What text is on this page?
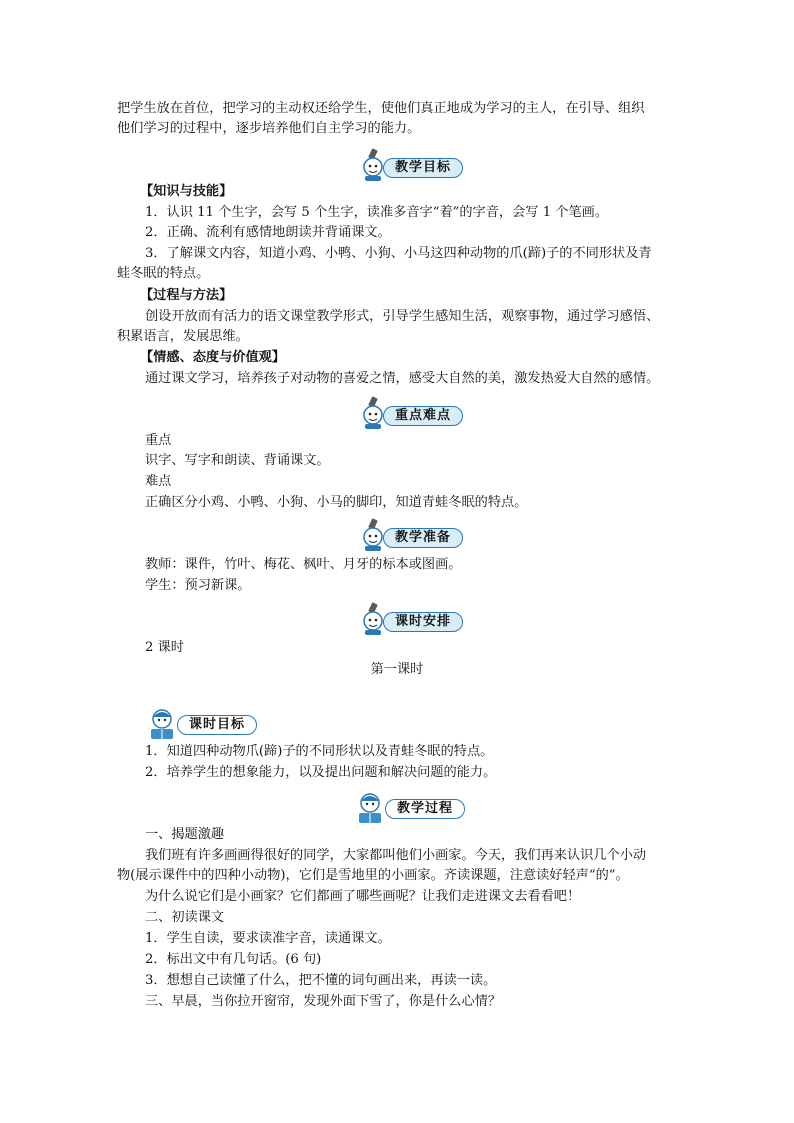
把学生放在首位，把学习的主动权还给学生，使他们真正地成为学习的主人，在引导、组织
他们学习的过程中，逐步培养他们自主学习的能力。
教学目标
【知识与技能】
1．认识 11 个生字，会写 5 个生字，读准多音字“着”的字音，会写 1 个笔画。
2．正确、流利有感情地朗读并背诵课文。
3．了解课文内容，知道小鸡、小鸭、小狗、小马这四种动物的爪(蹄)子的不同形状及青
蛙冬眠的特点。
【过程与方法】
创设开放而有活力的语文课堂教学形式，引导学生感知生活，观察事物，通过学习感悟、
积累语言，发展思维。
【情感、态度与价值观】
通过课文学习，培养孩子对动物的喜爱之情，感受大自然的美，激发热爱大自然的感情。
重点难点
重点
识字、写字和朗读、背诵课文。
难点
正确区分小鸡、小鸭、小狗、小马的脚印，知道青蛙冬眠的特点。
教学准备
教师：课件，竹叶、梅花、枫叶、月牙的标本或图画。
学生：预习新课。
课时安排
2 课时
第一课时
课时目标
1．知道四种动物爪(蹄)子的不同形状以及青蛙冬眠的特点。
2．培养学生的想象能力，以及提出问题和解决问题的能力。
教学过程
一、揭题激趣
我们班有许多画画得很好的同学，大家都叫他们小画家。今天，我们再来认识几个小动
物(展示课件中的四种小动物)，它们是雪地里的小画家。齐读课题，注意读好轻声“的”。
为什么说它们是小画家？它们都画了哪些画呢？让我们走进课文去看看吧！
二、初读课文
1．学生自读，要求读准字音，读通课文。
2．标出文中有几句话。(6 句)
3．想想自己读懂了什么，把不懂的词句画出来，再读一读。
三、早晨，当你拉开窗帘，发现外面下雪了，你是什么心情？
